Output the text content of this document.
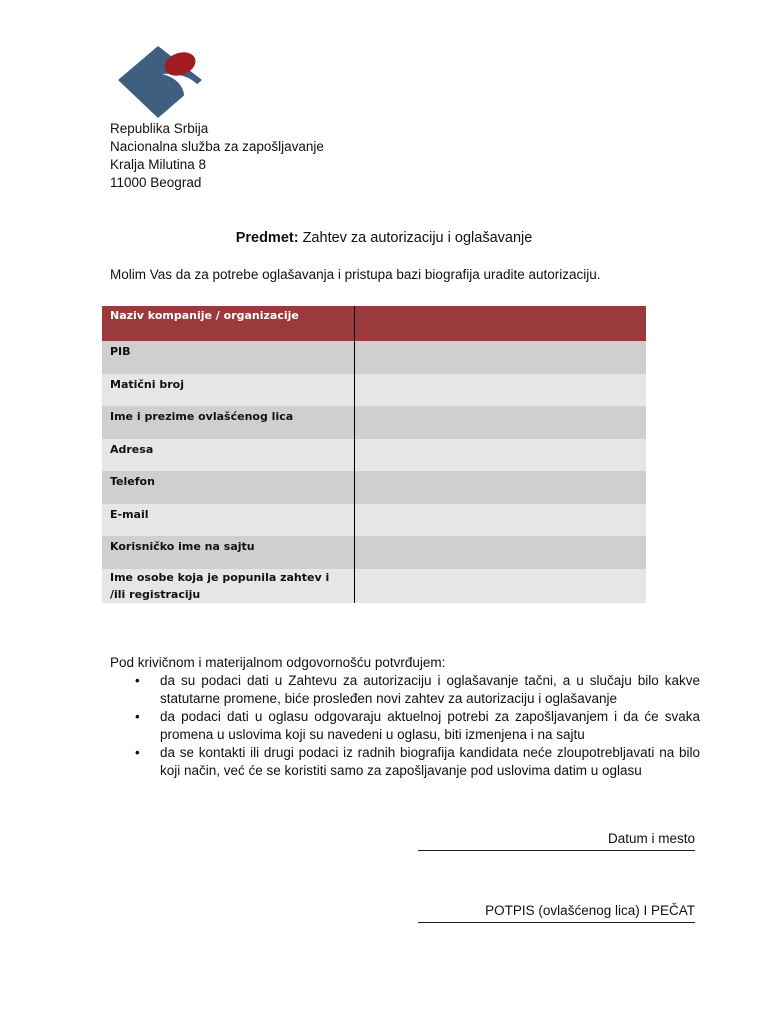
Republika Srbija
Nacionalna služba za zapošljavanje
Kralja Milutina 8
11000 Beograd
Predmet: Zahtev za autorizaciju i oglašavanje
Molim Vas da za potrebe oglašavanja i pristupa bazi biografija uradite autorizaciju.
Naziv kompanije / organizacije	
PIB	
Matični broj	
Ime i prezime ovlašćenog lica	
Adresa	
Telefon	
E-mail	
Korisničko ime na sajtu	
Ime osobe koja je popunila zahtev i /ili registraciju	
Pod krivičnom i materijalnom odgovornošću potvrđujem:
• da su podaci dati u Zahtevu za autorizaciju i oglašavanje tačni, a u slučaju bilo kakve statutarne promene, biće prosleđen novi zahtev za autorizaciju i oglašavanje
• da podaci dati u oglasu odgovaraju aktuelnoj potrebi za zapošljavanjem i da će svaka promena u uslovima koji su navedeni u oglasu, biti izmenjena i na sajtu
• da se kontakti ili drugi podaci iz radnih biografija kandidata neće zloupotrebljavati na bilo koji način, već će se koristiti samo za zapošljavanje pod uslovima datim u oglasu
Datum i mesto
POTPIS (ovlašćenog lica) I PEČAT
